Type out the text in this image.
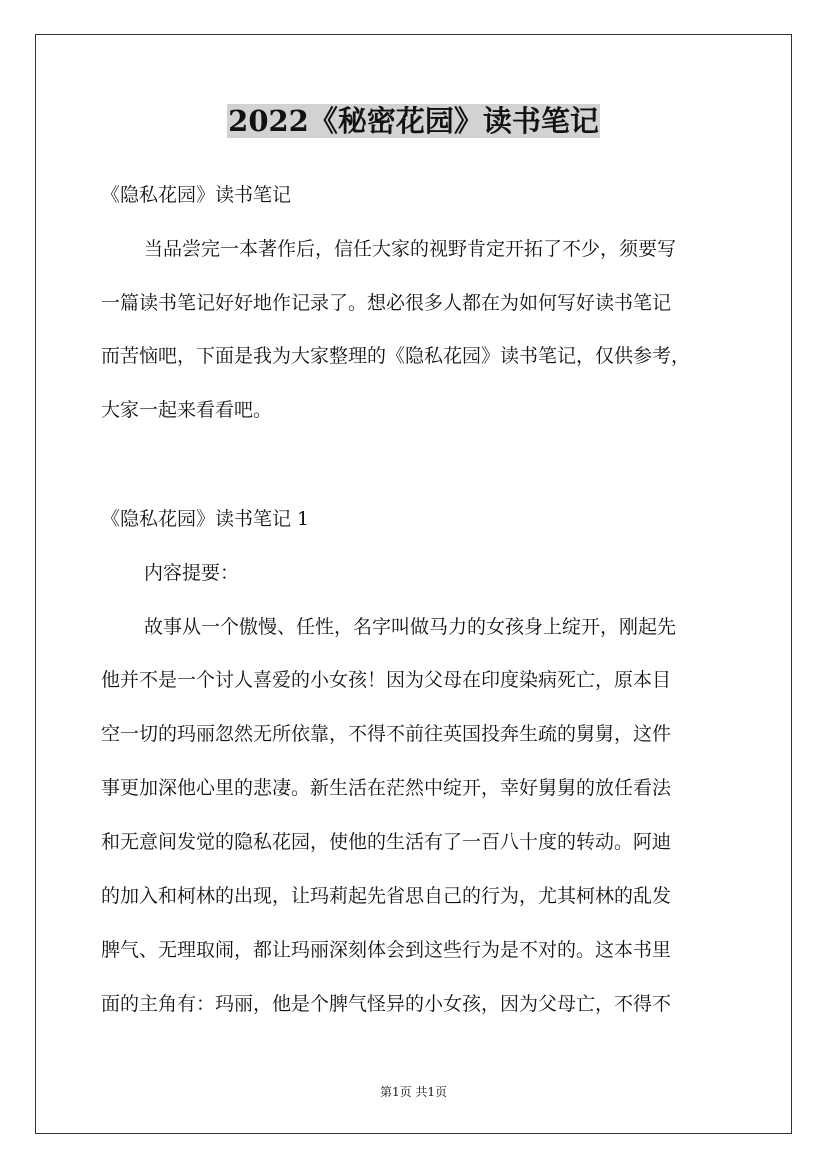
2022《秘密花园》读书笔记
《隐私花园》读书笔记
当品尝完一本著作后，信任大家的视野肯定开拓了不少，须要写
一篇读书笔记好好地作记录了。想必很多人都在为如何写好读书笔记
而苦恼吧，下面是我为大家整理的《隐私花园》读书笔记，仅供参考，
大家一起来看看吧。
《隐私花园》读书笔记 1
内容提要：
故事从一个傲慢、任性，名字叫做马力的女孩身上绽开，刚起先
他并不是一个讨人喜爱的小女孩！因为父母在印度染病死亡，原本目
空一切的玛丽忽然无所依靠，不得不前往英国投奔生疏的舅舅，这件
事更加深他心里的悲凄。新生活在茫然中绽开，幸好舅舅的放任看法
和无意间发觉的隐私花园，使他的生活有了一百八十度的转动。阿迪
的加入和柯林的出现，让玛莉起先省思自己的行为，尤其柯林的乱发
脾气、无理取闹，都让玛丽深刻体会到这些行为是不对的。这本书里
面的主角有：玛丽，他是个脾气怪异的小女孩，因为父母亡，不得不
第1页 共1页
